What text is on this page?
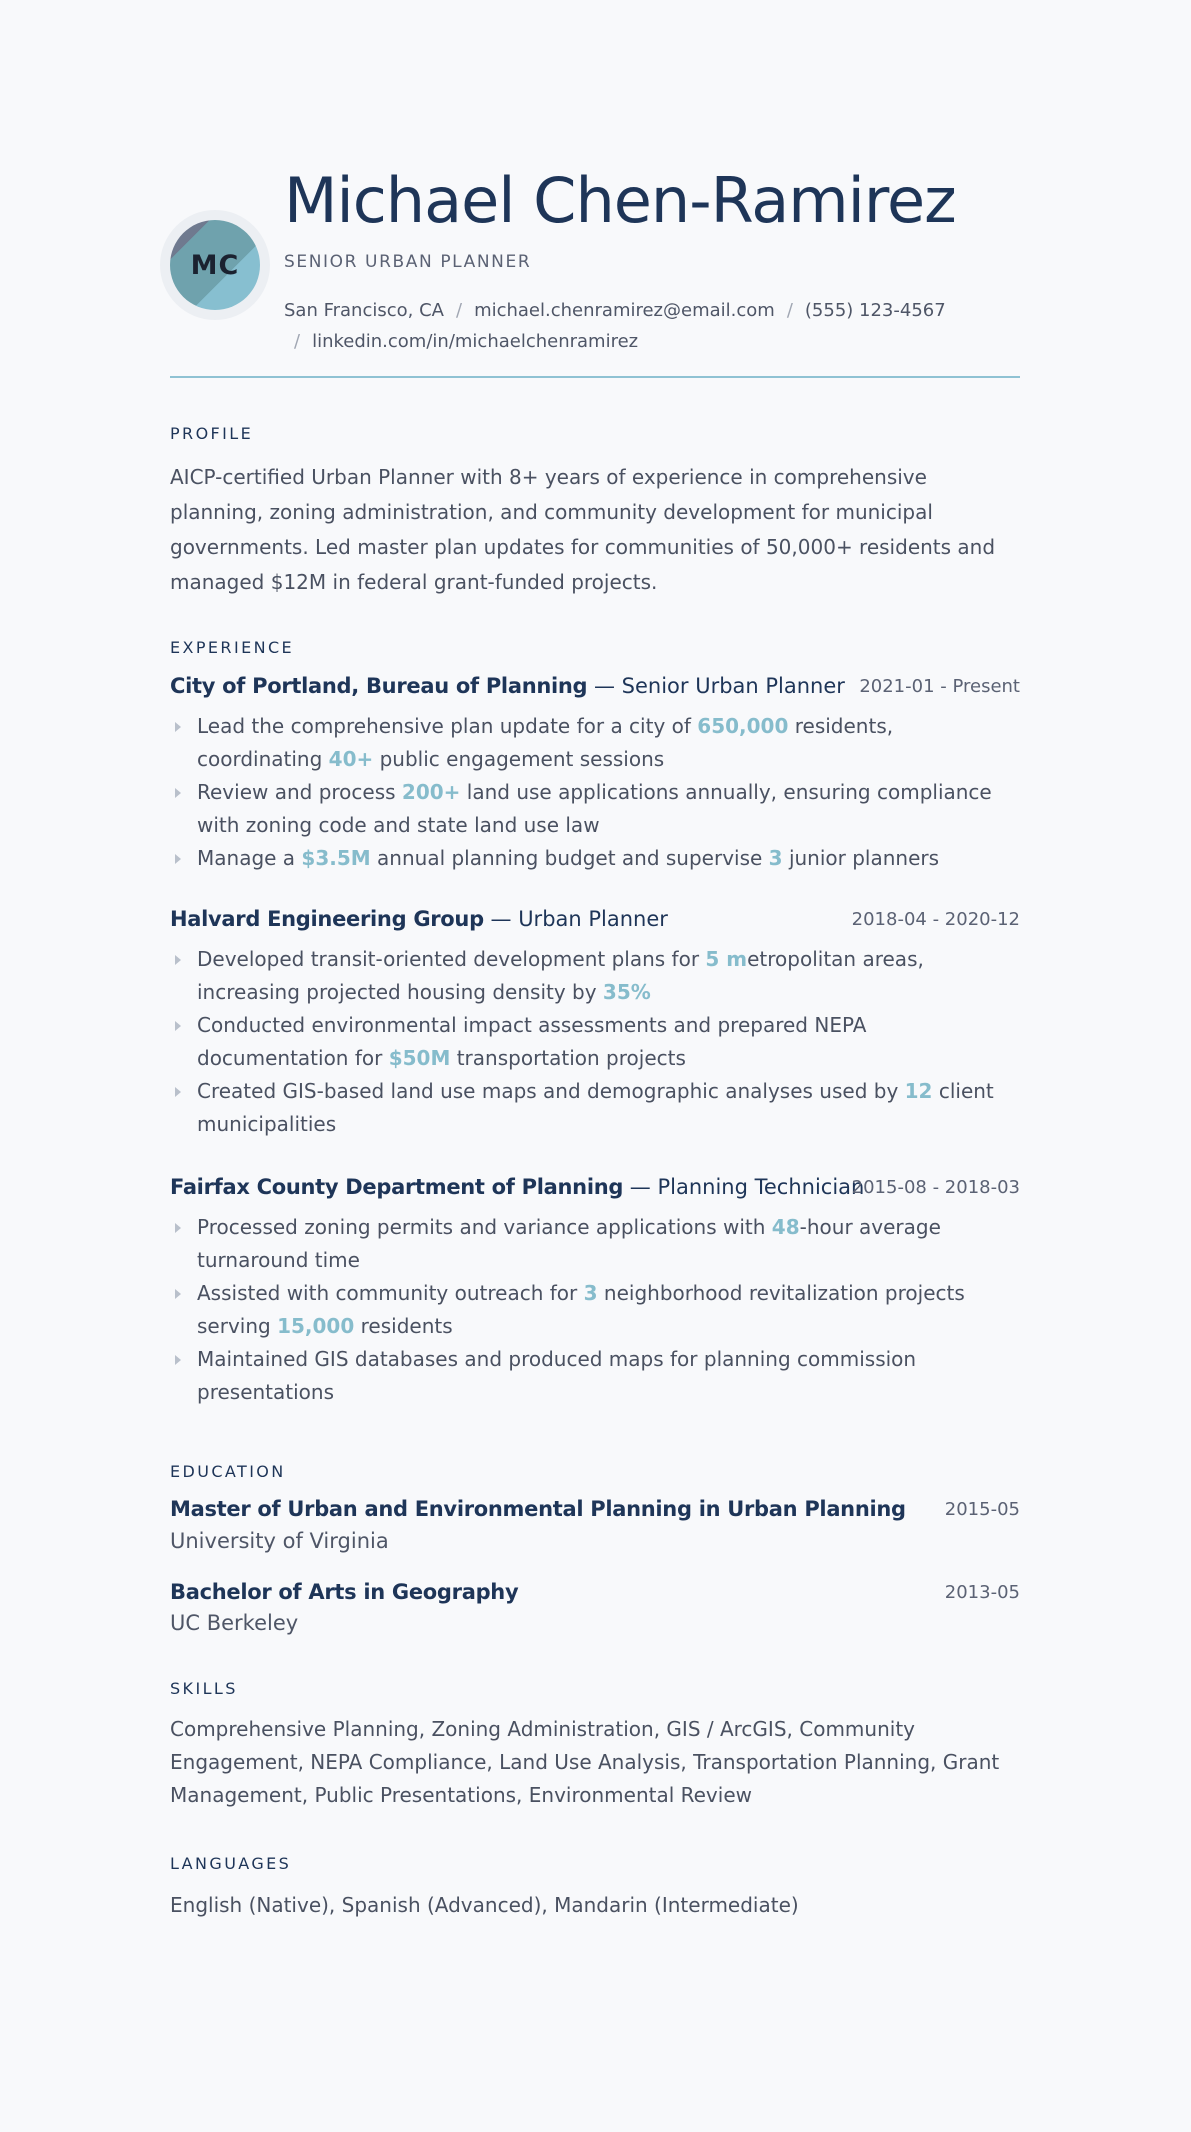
MC
Michael Chen-Ramirez
SENIOR URBAN PLANNER
San Francisco, CA / michael.chenramirez@email.com / (555) 123-4567
/ linkedin.com/in/michaelchenramirez
PROFILE
AICP-certified Urban Planner with 8+ years of experience in comprehensive planning, zoning administration, and community development for municipal governments. Led master plan updates for communities of 50,000+ residents and managed $12M in federal grant-funded projects.
EXPERIENCE
City of Portland, Bureau of Planning — Senior Urban Planner 2021-01 - Present
Lead the comprehensive plan update for a city of 650,000 residents, coordinating 40+ public engagement sessions
Review and process 200+ land use applications annually, ensuring compliance with zoning code and state land use law
Manage a $3.5M annual planning budget and supervise 3 junior planners
Halvard Engineering Group — Urban Planner	2018-04 - 2020-12
Developed transit-oriented development plans for 5 metropolitan areas, increasing projected housing density by 35%
Conducted environmental impact assessments and prepared NEPA documentation for $50M transportation projects
Created GIS-based land use maps and demographic analyses used by 12 client municipalities
Fairfax County Department of Planning — Planning Technician
2015-08 - 2018-03
Processed zoning permits and variance applications with 48-hour average turnaround time
Assisted with community outreach for 3 neighborhood revitalization projects serving 15,000 residents
Maintained GIS databases and produced maps for planning commission presentations
EDUCATION
Master of Urban and Environmental Planning in Urban Planning 2015-05
University of Virginia
Bachelor of Arts in Geography	2013-05
UC Berkeley
SKILLS
Comprehensive Planning, Zoning Administration, GIS / ArcGIS, Community Engagement, NEPA Compliance, Land Use Analysis, Transportation Planning, Grant Management, Public Presentations, Environmental Review
LANGUAGES
English (Native), Spanish (Advanced), Mandarin (Intermediate)
